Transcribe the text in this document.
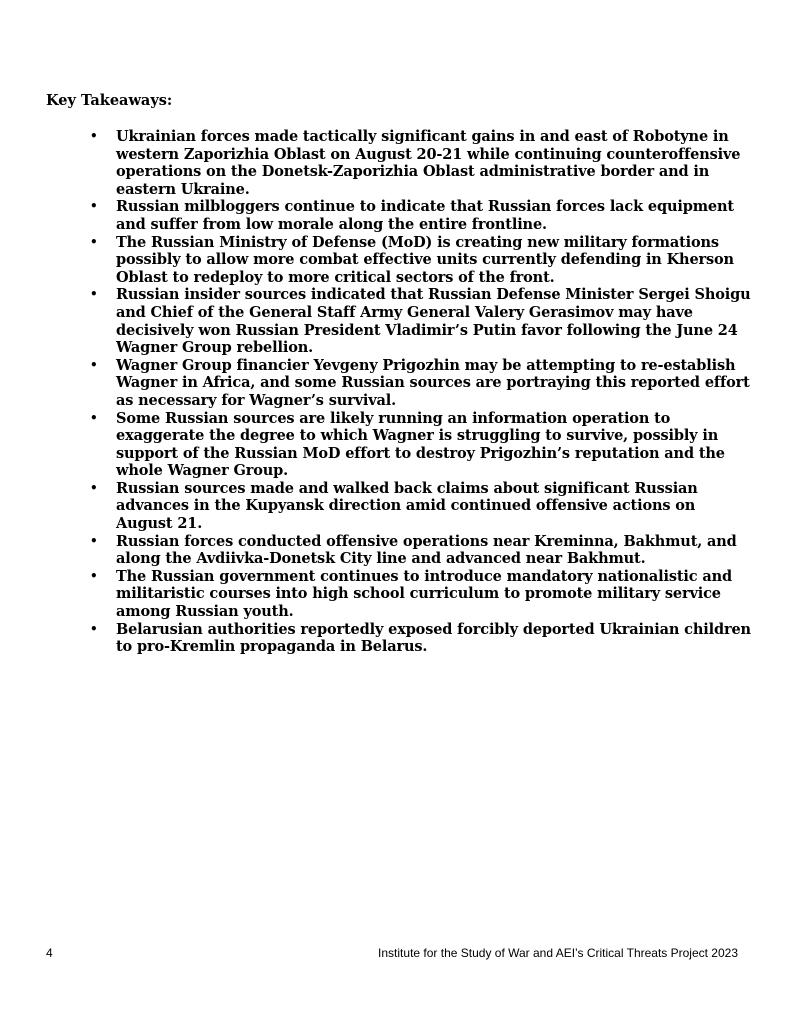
Key Takeaways:

•	Ukrainian forces made tactically significant gains in and east of Robotyne in western Zaporizhia Oblast on August 20-21 while continuing counteroffensive operations on the Donetsk-Zaporizhia Oblast administrative border and in eastern Ukraine.
•	Russian milbloggers continue to indicate that Russian forces lack equipment and suffer from low morale along the entire frontline.
•	The Russian Ministry of Defense (MoD) is creating new military formations possibly to allow more combat effective units currently defending in Kherson Oblast to redeploy to more critical sectors of the front.
•	Russian insider sources indicated that Russian Defense Minister Sergei Shoigu and Chief of the General Staff Army General Valery Gerasimov may have decisively won Russian President Vladimir’s Putin favor following the June 24 Wagner Group rebellion.
•	Wagner Group financier Yevgeny Prigozhin may be attempting to re-establish Wagner in Africa, and some Russian sources are portraying this reported effort as necessary for Wagner’s survival.
•	Some Russian sources are likely running an information operation to exaggerate the degree to which Wagner is struggling to survive, possibly in support of the Russian MoD effort to destroy Prigozhin’s reputation and the whole Wagner Group.
•	Russian sources made and walked back claims about significant Russian advances in the Kupyansk direction amid continued offensive actions on August 21.
•	Russian forces conducted offensive operations near Kreminna, Bakhmut, and along the Avdiivka-Donetsk City line and advanced near Bakhmut.
•	The Russian government continues to introduce mandatory nationalistic and militaristic courses into high school curriculum to promote military service among Russian youth.
•	Belarusian authorities reportedly exposed forcibly deported Ukrainian children to pro-Kremlin propaganda in Belarus.
4	Institute for the Study of War and AEI’s Critical Threats Project 2023
